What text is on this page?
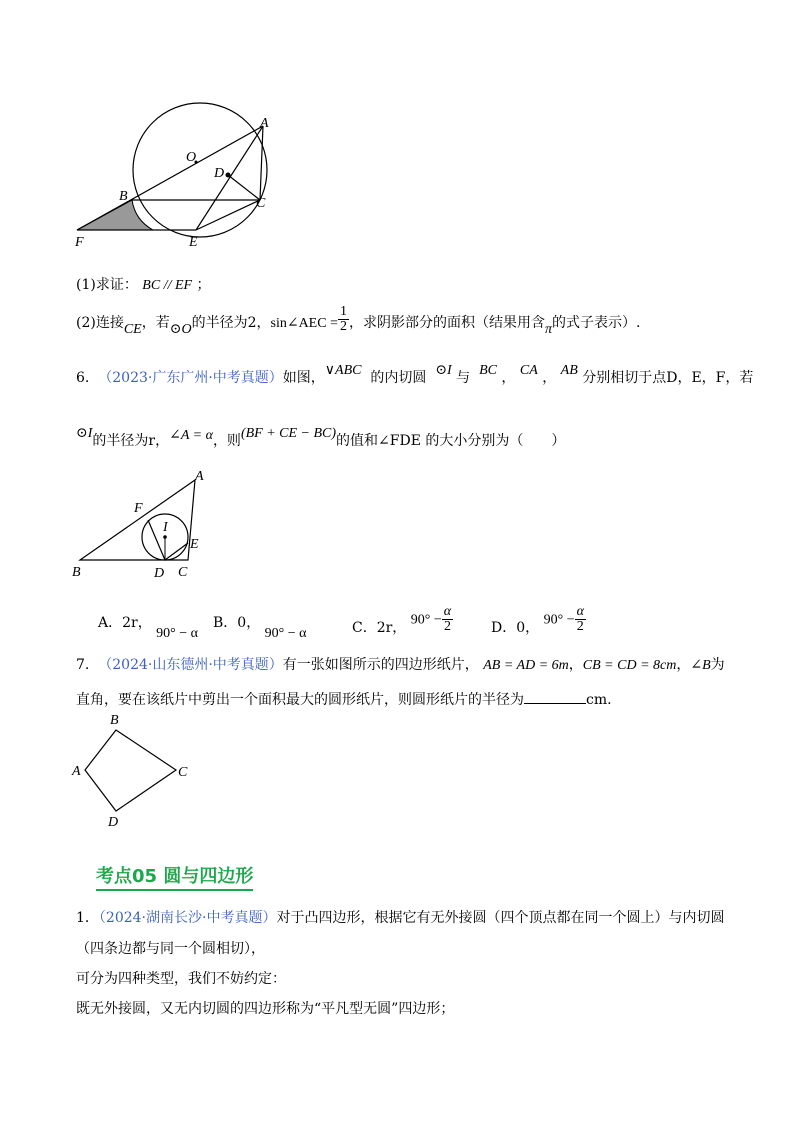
A
O
D
B	C
F	E
(1)求证： BC // EF ；
(2)连接CE，若⊙O的半径为2，sin∠AEC = $\frac{1}{2}$ ，求阴影部分的面积（结果用含π的式子表示）.
6. （2023·广东广州·中考真题）如图，∨ABC 的内切圆 ⊙I 与 BC ， CA ， AB 分别相切于点D，E，F，若
⊙I的半径为r，∠A = α，则(BF + CE − BC)的值和∠FDE 的大小分别为（　　）
A
F
I
E
B	D C
A．2r， 90° − α
B．0， 90° − α	C．2r， $90^\circ - \frac{\alpha}{2}$	D．0， $90^\circ - \frac{\alpha}{2}$
7. （2024·山东德州·中考真题）有一张如图所示的四边形纸片， AB = AD = 6m，CB = CD = 8cm，∠B为
直角，要在该纸片中剪出一个面积最大的圆形纸片，则圆形纸片的半径为	cm.
B
A	C
D
考点05 圆与四边形
1．（2024·湖南长沙·中考真题）对于凸四边形，根据它有无外接圆（四个顶点都在同一个圆上）与内切圆
（四条边都与同一个圆相切），
可分为四种类型，我们不妨约定：
既无外接圆，又无内切圆的四边形称为“平凡型无圆”四边形；
